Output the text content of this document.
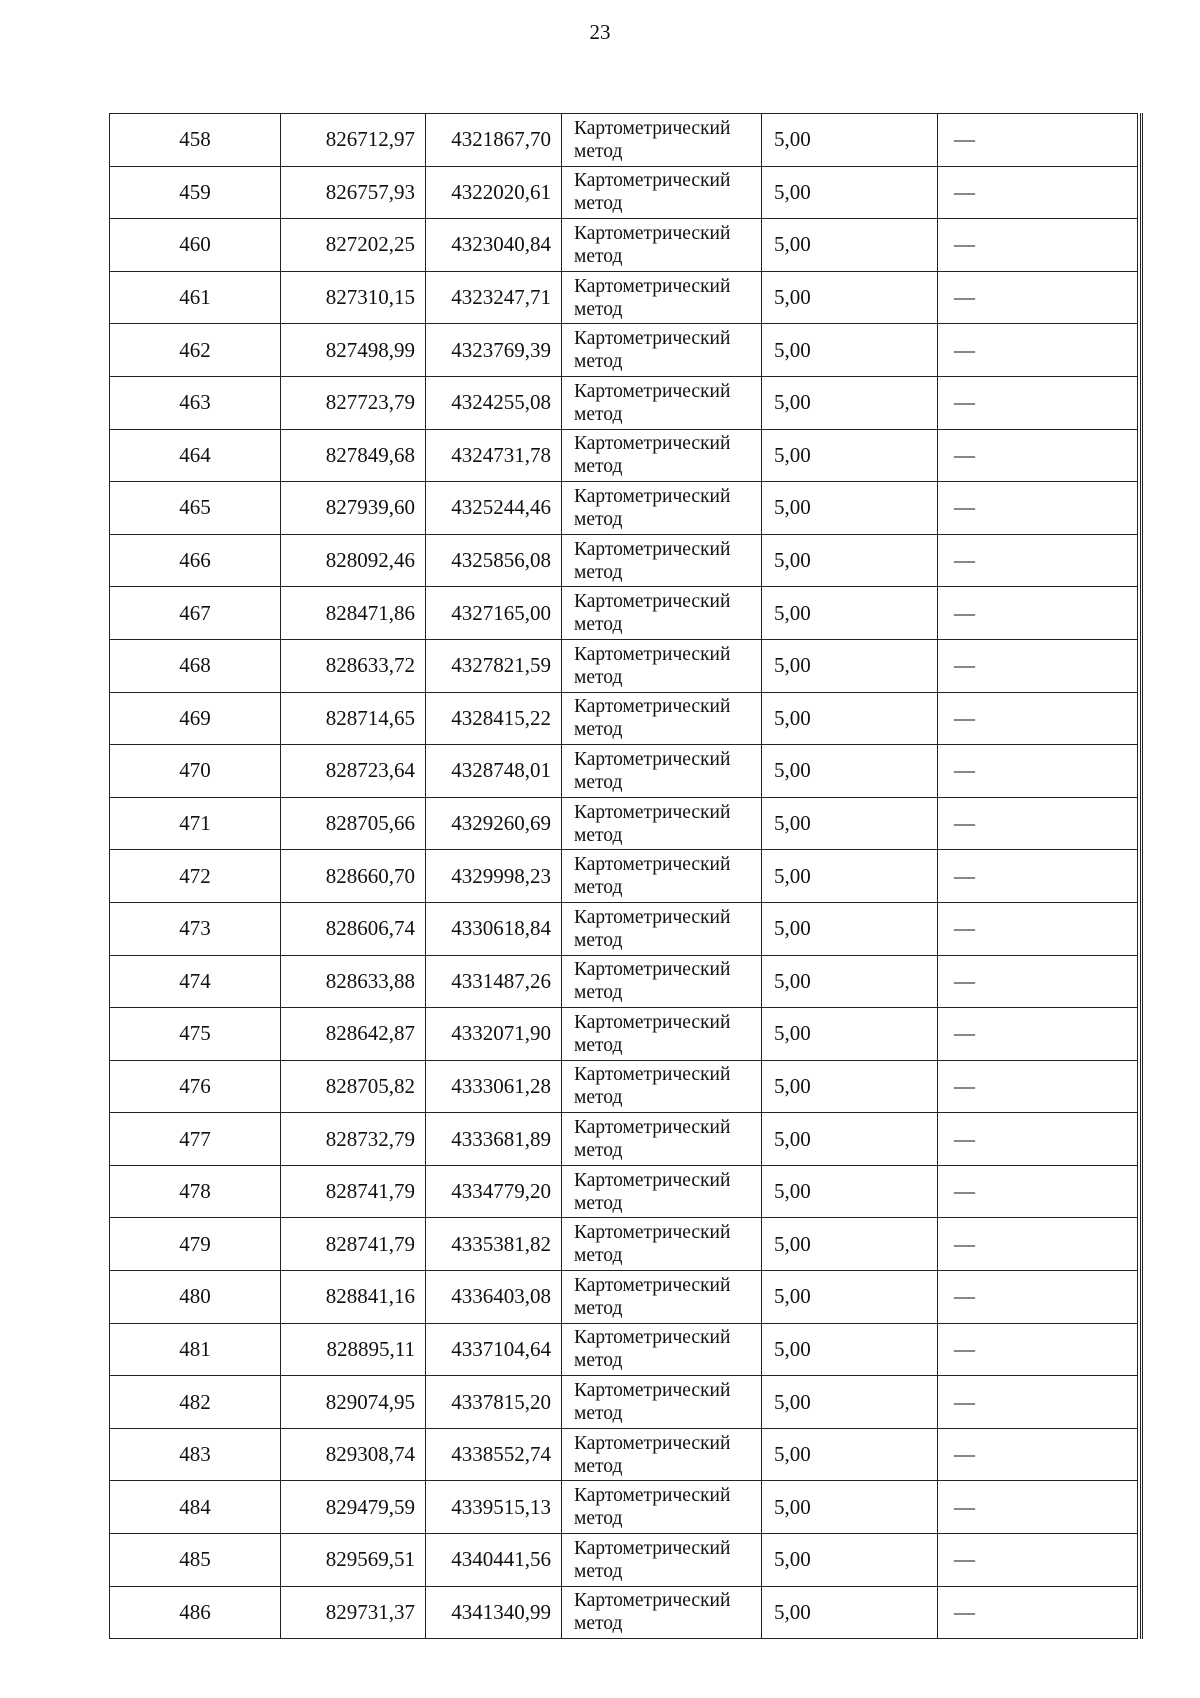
23
458	826712,97	4321867,70	Картометрический метод	5,00	—
459	826757,93	4322020,61	Картометрический метод	5,00	—
460	827202,25	4323040,84	Картометрический метод	5,00	—
461	827310,15	4323247,71	Картометрический метод	5,00	—
462	827498,99	4323769,39	Картометрический метод	5,00	—
463	827723,79	4324255,08	Картометрический метод	5,00	—
464	827849,68	4324731,78	Картометрический метод	5,00	—
465	827939,60	4325244,46	Картометрический метод	5,00	—
466	828092,46	4325856,08	Картометрический метод	5,00	—
467	828471,86	4327165,00	Картометрический метод	5,00	—
468	828633,72	4327821,59	Картометрический метод	5,00	—
469	828714,65	4328415,22	Картометрический метод	5,00	—
470	828723,64	4328748,01	Картометрический метод	5,00	—
471	828705,66	4329260,69	Картометрический метод	5,00	—
472	828660,70	4329998,23	Картометрический метод	5,00	—
473	828606,74	4330618,84	Картометрический метод	5,00	—
474	828633,88	4331487,26	Картометрический метод	5,00	—
475	828642,87	4332071,90	Картометрический метод	5,00	—
476	828705,82	4333061,28	Картометрический метод	5,00	—
477	828732,79	4333681,89	Картометрический метод	5,00	—
478	828741,79	4334779,20	Картометрический метод	5,00	—
479	828741,79	4335381,82	Картометрический метод	5,00	—
480	828841,16	4336403,08	Картометрический метод	5,00	—
481	828895,11	4337104,64	Картометрический метод	5,00	—
482	829074,95	4337815,20	Картометрический метод	5,00	—
483	829308,74	4338552,74	Картометрический метод	5,00	—
484	829479,59	4339515,13	Картометрический метод	5,00	—
485	829569,51	4340441,56	Картометрический метод	5,00	—
486	829731,37	4341340,99	Картометрический метод	5,00	—
